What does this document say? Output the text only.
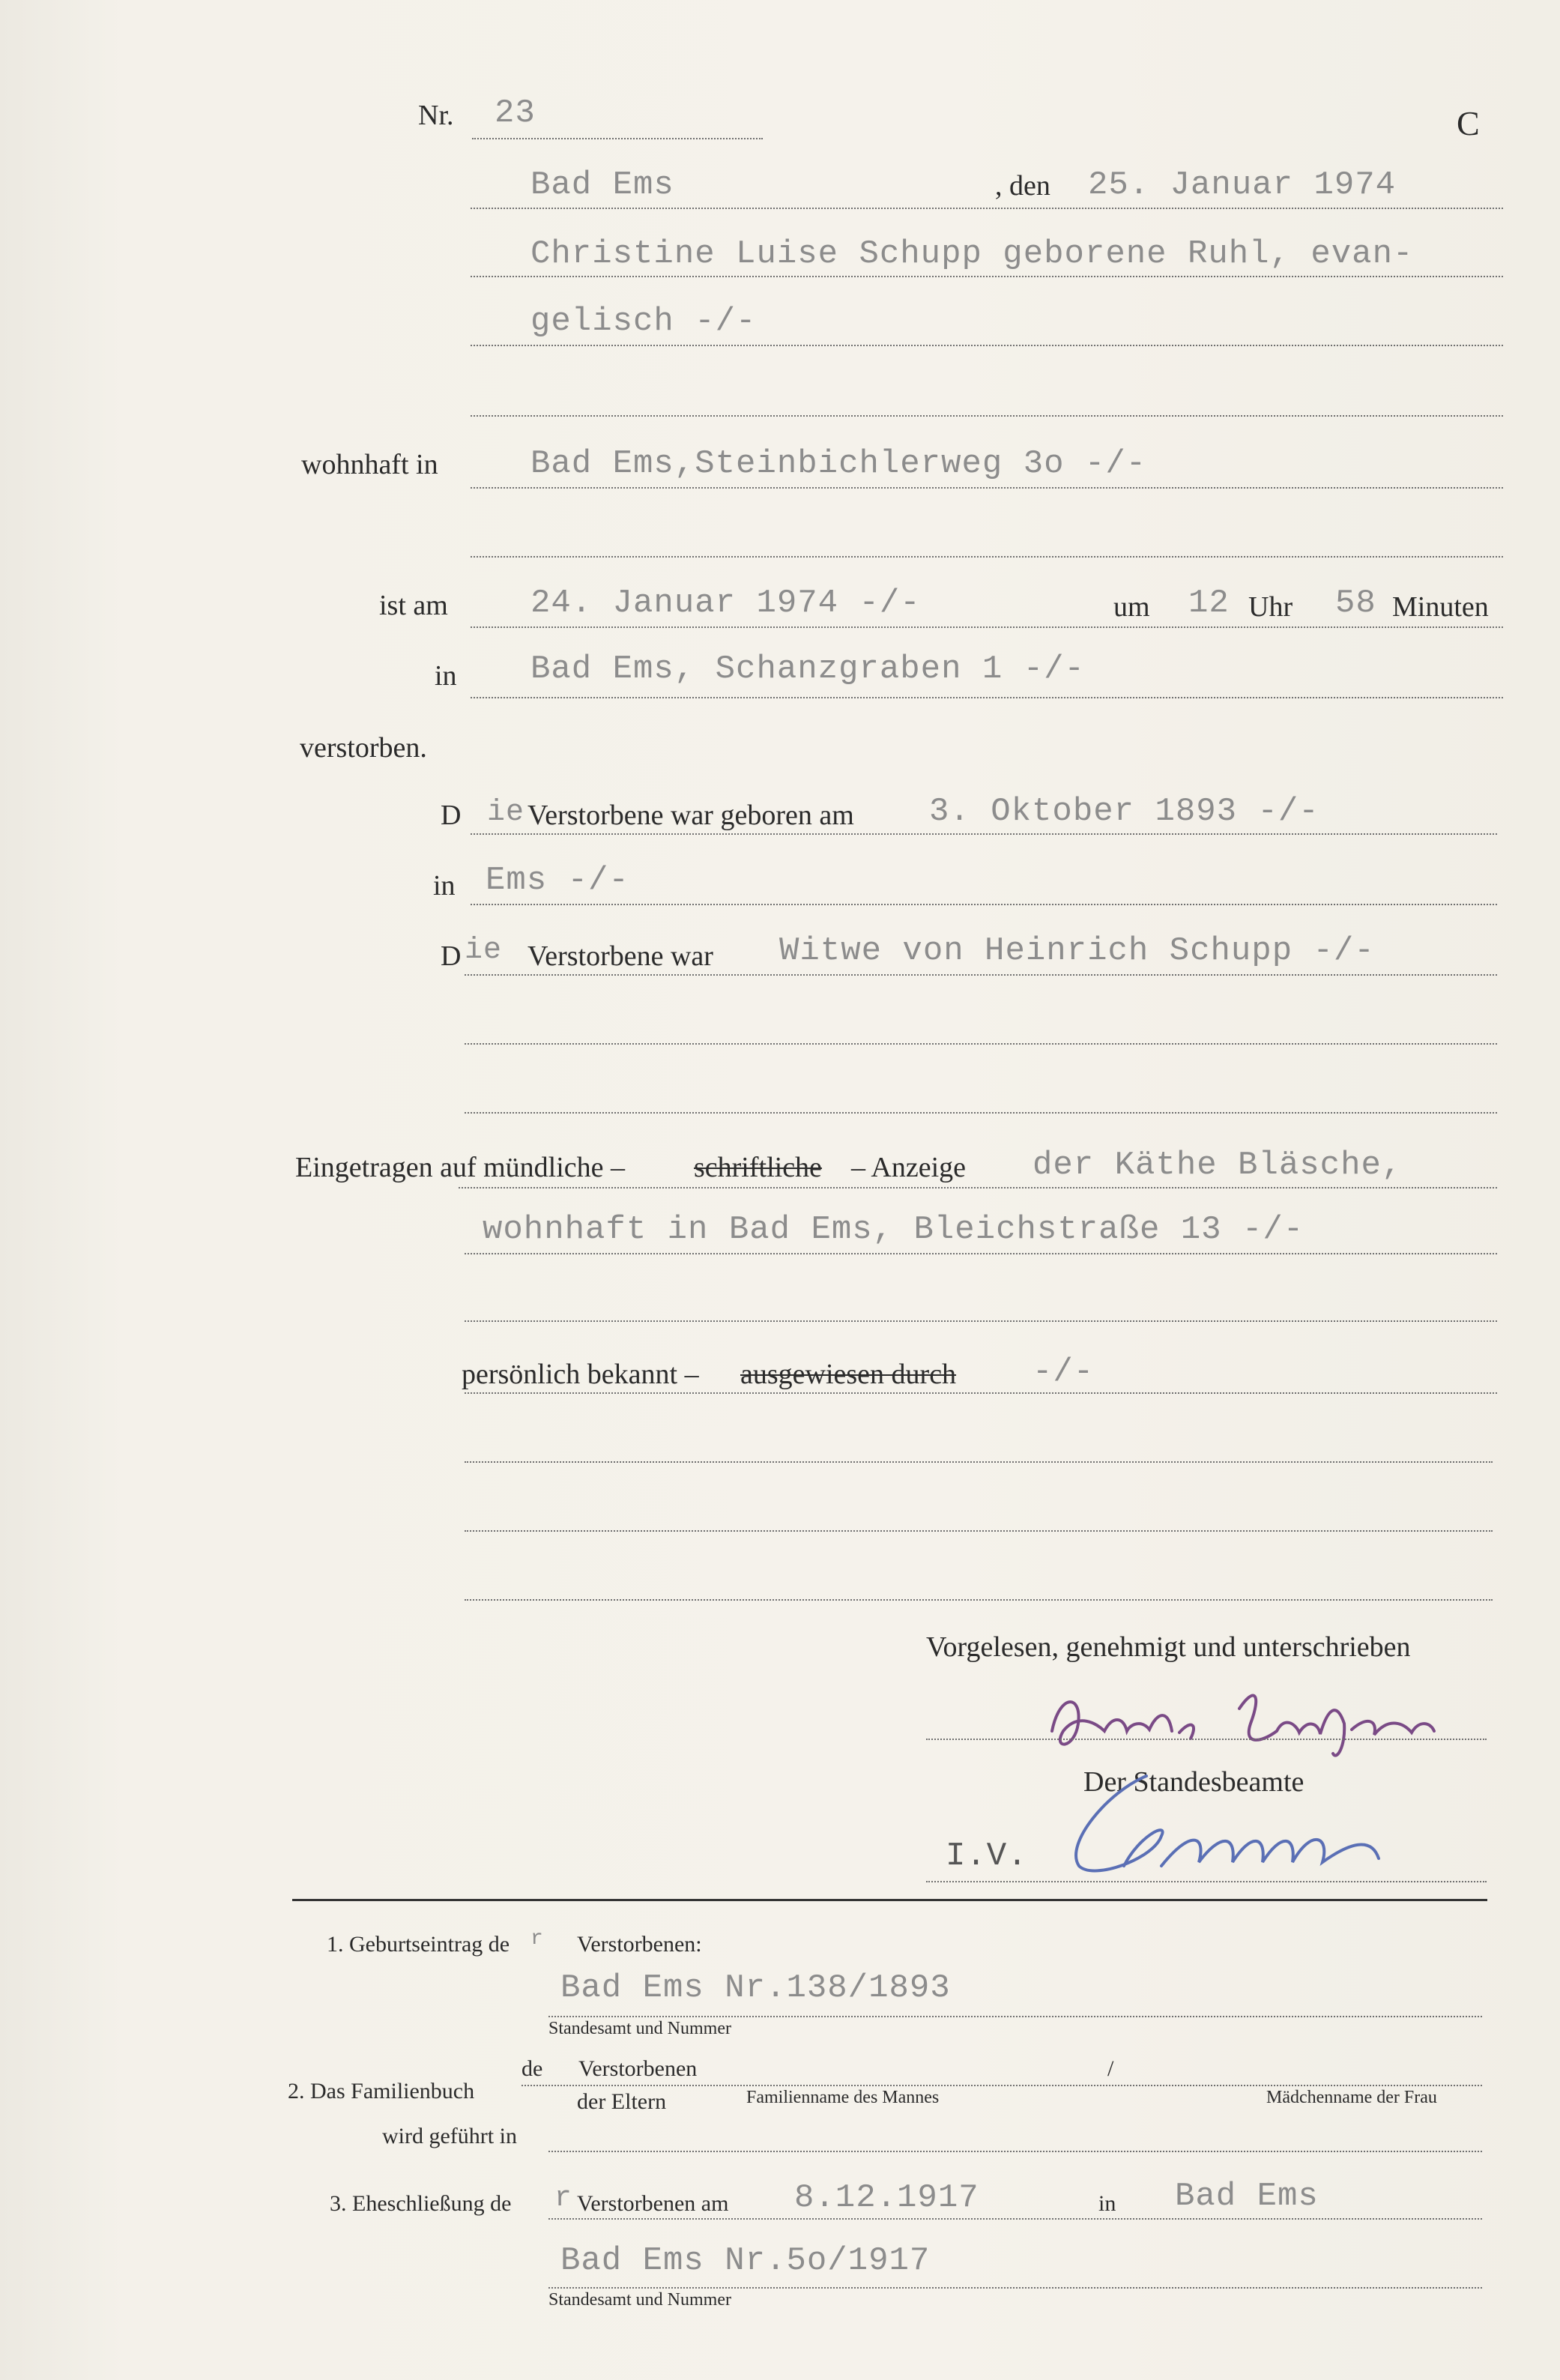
Nr. 23	C
Bad Ems	, den 25. Januar 1974
Christine Luise Schupp geborene Ruhl, evan-
gelisch -/-
wohnhaft in	Bad Ems,Steinbichlerweg 3o -/-
ist am	24. Januar 1974 -/-	um 12 Uhr 58 Minuten
in Bad Ems, Schanzgraben 1 -/-
verstorben.
D ie Verstorbene war geboren am 3. Oktober 1893 -/-
in Ems -/-
D ie Verstorbene war Witwe von Heinrich Schupp -/-
Eingetragen auf mündliche – schriftliche – Anzeige der Käthe Bläsche,
wohnhaft in Bad Ems, Bleichstraße 13 -/-
persönlich bekannt – ausgewiesen durch -/-
Vorgelesen, genehmigt und unterschrieben
Der Standesbeamte
I.V.
1. Geburtseintrag de r Verstorbenen:
Bad Ems Nr.138/1893
Standesamt und Nummer
2. Das Familienbuch
de Verstorbenen	/
der Eltern	Familienname des Mannes	Mädchenname der Frau
wird geführt in
3. Eheschließung de r Verstorbenen am 8.12.1917	in Bad Ems
Bad Ems Nr.5o/1917
Standesamt und Nummer
